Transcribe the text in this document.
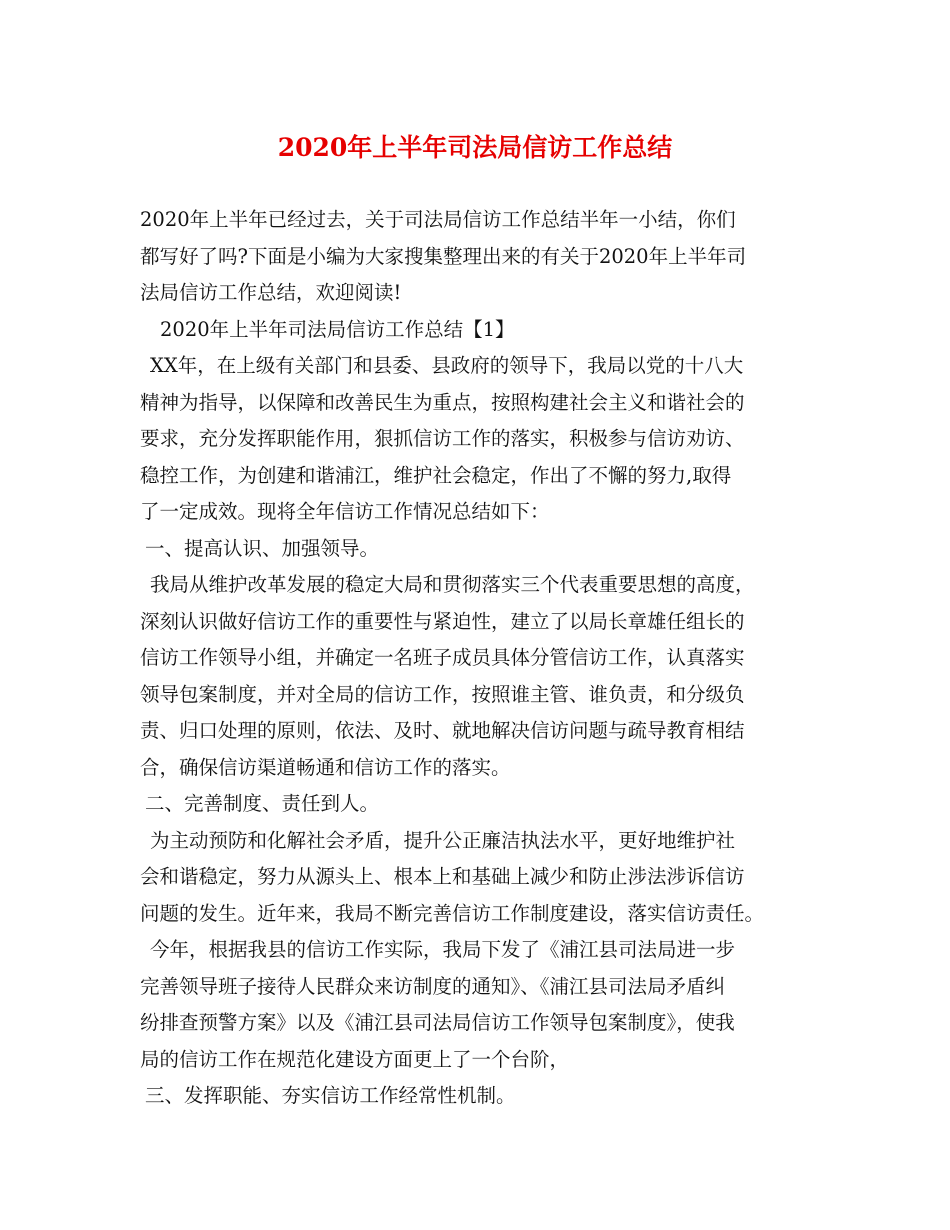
2020年上半年司法局信访工作总结
2020年上半年已经过去，关于司法局信访工作总结半年一小结，你们
都写好了吗?下面是小编为大家搜集整理出来的有关于2020年上半年司
法局信访工作总结，欢迎阅读!
2020年上半年司法局信访工作总结【1】
XX年，在上级有关部门和县委、县政府的领导下，我局以党的十八大
精神为指导，以保障和改善民生为重点，按照构建社会主义和谐社会的
要求，充分发挥职能作用，狠抓信访工作的落实，积极参与信访劝访、
稳控工作，为创建和谐浦江，维护社会稳定，作出了不懈的努力,取得
了一定成效。现将全年信访工作情况总结如下：
一、提高认识、加强领导。
我局从维护改革发展的稳定大局和贯彻落实三个代表重要思想的高度，
深刻认识做好信访工作的重要性与紧迫性，建立了以局长章雄任组长的
信访工作领导小组，并确定一名班子成员具体分管信访工作，认真落实
领导包案制度，并对全局的信访工作，按照谁主管、谁负责，和分级负
责、归口处理的原则，依法、及时、就地解决信访问题与疏导教育相结
合，确保信访渠道畅通和信访工作的落实。
二、完善制度、责任到人。
为主动预防和化解社会矛盾，提升公正廉洁执法水平，更好地维护社
会和谐稳定，努力从源头上、根本上和基础上减少和防止涉法涉诉信访
问题的发生。近年来，我局不断完善信访工作制度建设，落实信访责任。
今年，根据我县的信访工作实际，我局下发了《浦江县司法局进一步
完善领导班子接待人民群众来访制度的通知》、《浦江县司法局矛盾纠
纷排查预警方案》以及《浦江县司法局信访工作领导包案制度》，使我
局的信访工作在规范化建设方面更上了一个台阶，
三、发挥职能、夯实信访工作经常性机制。
